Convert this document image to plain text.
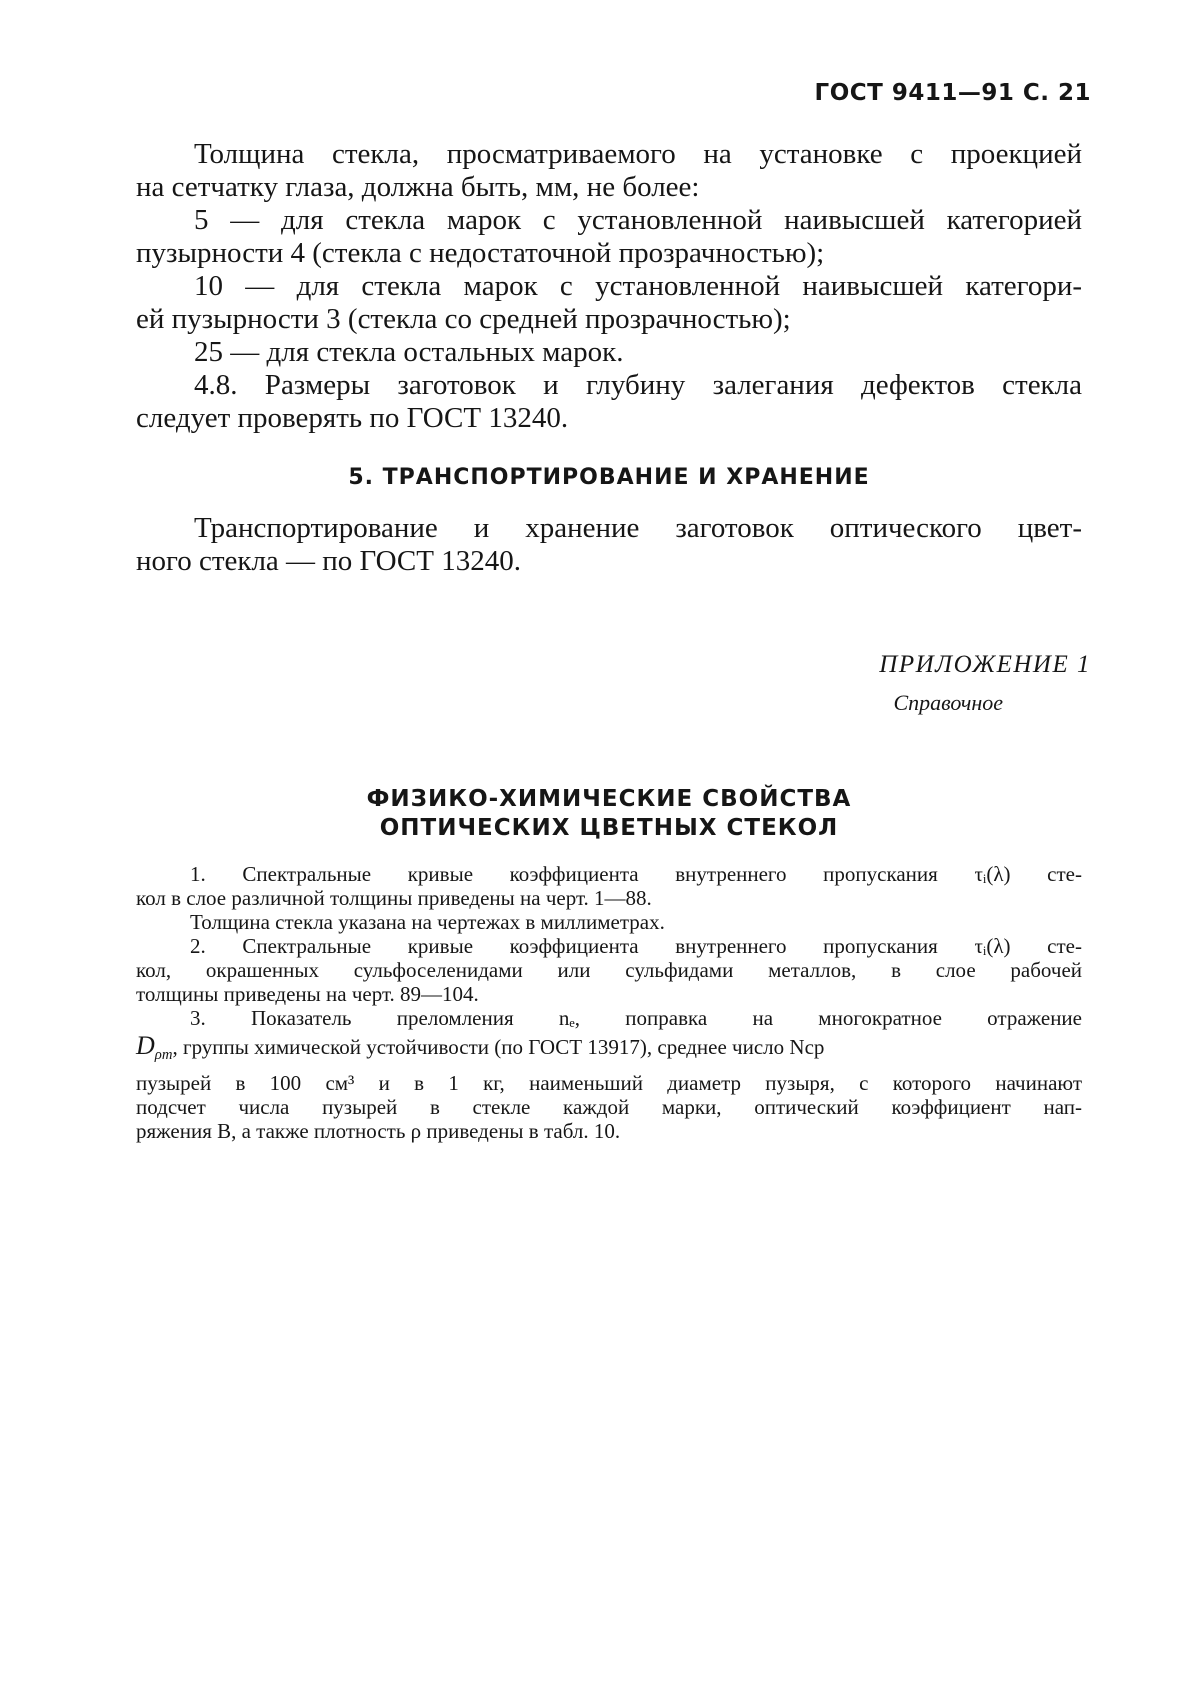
ГОСТ 9411—91 С. 21
Толщина стекла, просматриваемого на установке с проекцией
на сетчатку глаза, должна быть, мм, не более:
5 — для стекла марок с установленной наивысшей категорией
пузырности 4 (стекла с недостаточной прозрачностью);
10 — для стекла марок с установленной наивысшей категори-
ей пузырности 3 (стекла со средней прозрачностью);
25 — для стекла остальных марок.
4.8. Размеры заготовок и глубину залегания дефектов стекла
следует проверять по ГОСТ 13240.
5. ТРАНСПОРТИРОВАНИЕ И ХРАНЕНИЕ
Транспортирование и хранение заготовок оптического цвет-
ного стекла — по ГОСТ 13240.
ПРИЛОЖЕНИЕ 1
Справочное
ФИЗИКО-ХИМИЧЕСКИЕ СВОЙСТВА
ОПТИЧЕСКИХ ЦВЕТНЫХ СТЕКОЛ
1. Спектральные кривые коэффициента внутреннего пропускания τᵢ(λ) сте-
кол в слое различной толщины приведены на черт. 1—88.
Толщина стекла указана на чертежах в миллиметрах.
2. Спектральные кривые коэффициента внутреннего пропускания τᵢ(λ) сте-
кол, окрашенных сульфоселенидами или сульфидами металлов, в слое рабочей
толщины приведены на черт. 89—104.
3. Показатель преломления nₑ, поправка на многократное отражение
$D_{\rho m}$, группы химической устойчивости (по ГОСТ 13917), среднее число Nср
пузырей в 100 см³ и в 1 кг, наименьший диаметр пузыря, с которого начинают
подсчет числа пузырей в стекле каждой марки, оптический коэффициент нап-
ряжения B, а также плотность ρ приведены в табл. 10.
